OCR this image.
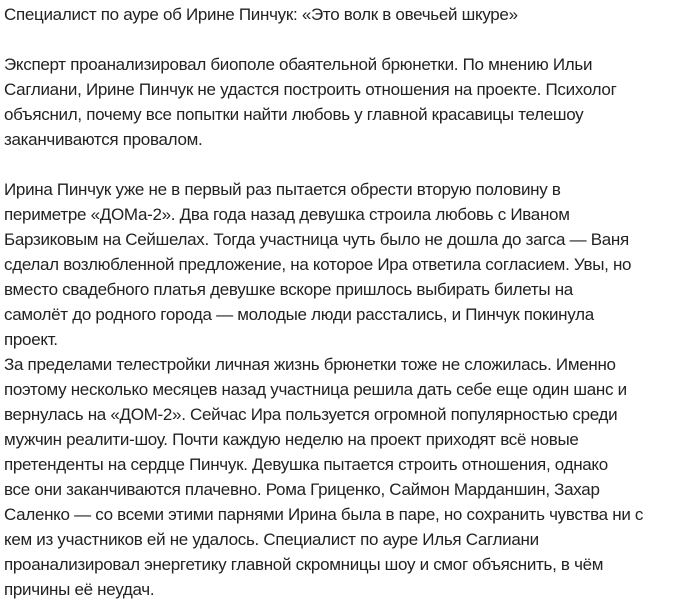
Специалист по ауре об Ирине Пинчук: «Это волк в овечьей шкуре»
Эксперт проанализировал биополе обаятельной брюнетки. По мнению Ильи
Саглиани, Ирине Пинчук не удастся построить отношения на проекте. Психолог
объяснил, почему все попытки найти любовь у главной красавицы телешоу
заканчиваются провалом.
Ирина Пинчук уже не в первый раз пытается обрести вторую половину в
периметре «ДОМа-2». Два года назад девушка строила любовь с Иваном
Барзиковым на Сейшелах. Тогда участница чуть было не дошла до загса — Ваня
сделал возлюбленной предложение, на которое Ира ответила согласием. Увы, но
вместо свадебного платья девушке вскоре пришлось выбирать билеты на
самолёт до родного города — молодые люди расстались, и Пинчук покинула
проект.
За пределами телестройки личная жизнь брюнетки тоже не сложилась. Именно
поэтому несколько месяцев назад участница решила дать себе еще один шанс и
вернулась на «ДОМ-2». Сейчас Ира пользуется огромной популярностью среди
мужчин реалити-шоу. Почти каждую неделю на проект приходят всё новые
претенденты на сердце Пинчук. Девушка пытается строить отношения, однако
все они заканчиваются плачевно. Рома Гриценко, Саймон Марданшин, Захар
Саленко — со всеми этими парнями Ирина была в паре, но сохранить чувства ни с
кем из участников ей не удалось. Специалист по ауре Илья Саглиани
проанализировал энергетику главной скромницы шоу и смог объяснить, в чём
причины её неудач.
